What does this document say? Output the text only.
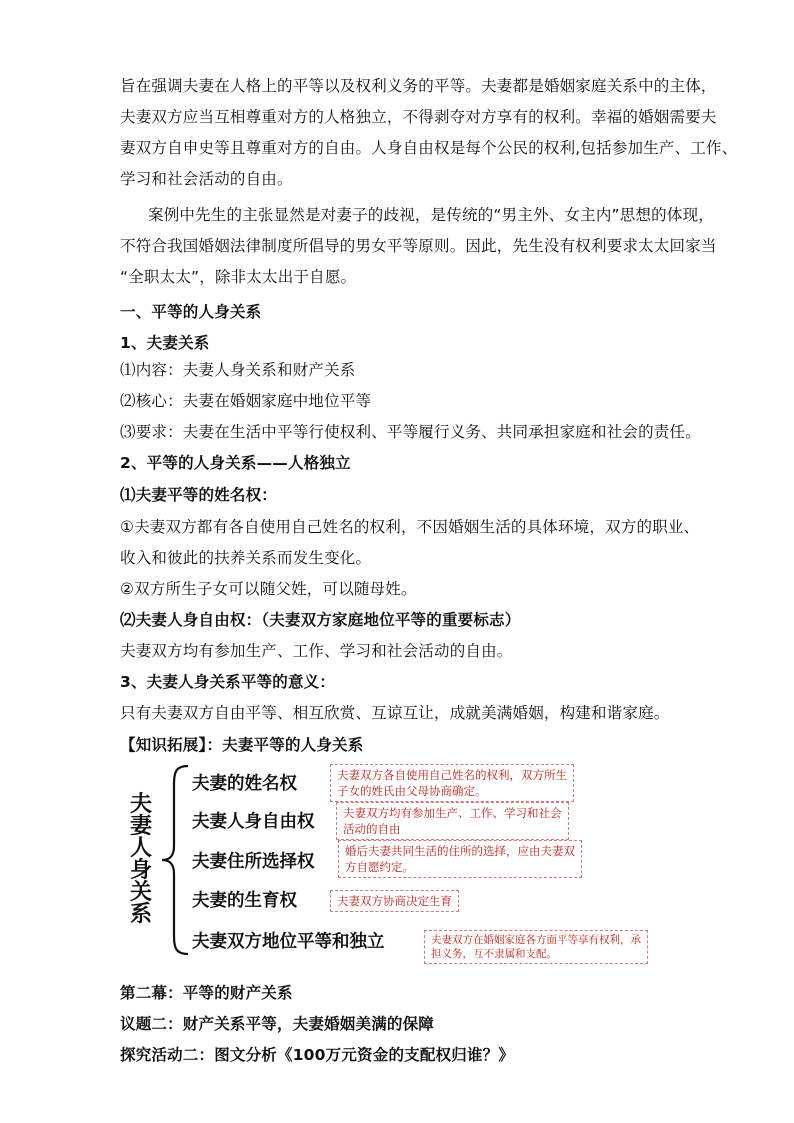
旨在强调夫妻在人格上的平等以及权利义务的平等。夫妻都是婚姻家庭关系中的主体，
夫妻双方应当互相尊重对方的人格独立，不得剥夺对方享有的权利。幸福的婚姻需要夫
妻双方自申史等且尊重对方的自由。人身自由权是每个公民的权利,包括参加生产、工作、
学习和社会活动的自由。
案例中先生的主张显然是对妻子的歧视，是传统的“男主外、女主内”思想的体现，
不符合我国婚姻法律制度所倡导的男女平等原则。因此，先生没有权利要求太太回家当
“全职太太”，除非太太出于自愿。
一、平等的人身关系
1、夫妻关系
⑴内容：夫妻人身关系和财产关系
⑵核心：夫妻在婚姻家庭中地位平等
⑶要求：夫妻在生活中平等行使权利、平等履行义务、共同承担家庭和社会的责任。
2、平等的人身关系——人格独立
⑴夫妻平等的姓名权：
①夫妻双方都有各自使用自己姓名的权利，不因婚姻生活的具体环境，双方的职业、
收入和彼此的扶养关系而发生变化。
②双方所生子女可以随父姓，可以随母姓。
⑵夫妻人身自由权：（夫妻双方家庭地位平等的重要标志）
夫妻双方均有参加生产、工作、学习和社会活动的自由。
3、夫妻人身关系平等的意义：
只有夫妻双方自由平等、相互欣赏、互谅互让，成就美满婚姻，构建和谐家庭。
【知识拓展】：夫妻平等的人身关系
夫
妻
人
身
关
系
夫妻的姓名权	夫妻双方各自使用自己姓名的权利，双方所生
子女的姓氏由父母协商确定。
夫妻人身自由权 夫妻双方均有参加生产、工作、学习和社会
活动的自由
夫妻住所选择权
婚后夫妻共同生活的住所的选择，应由夫妻双
方自愿约定。
夫妻的生育权	夫妻双方协商决定生育
夫妻双方地位平等和独立	夫妻双方在婚姻家庭各方面平等享有权利，承
担义务，互不隶属和支配。
第二幕：平等的财产关系
议题二：财产关系平等，夫妻婚姻美满的保障
探究活动二：图文分析《100万元资金的支配权归谁？》
